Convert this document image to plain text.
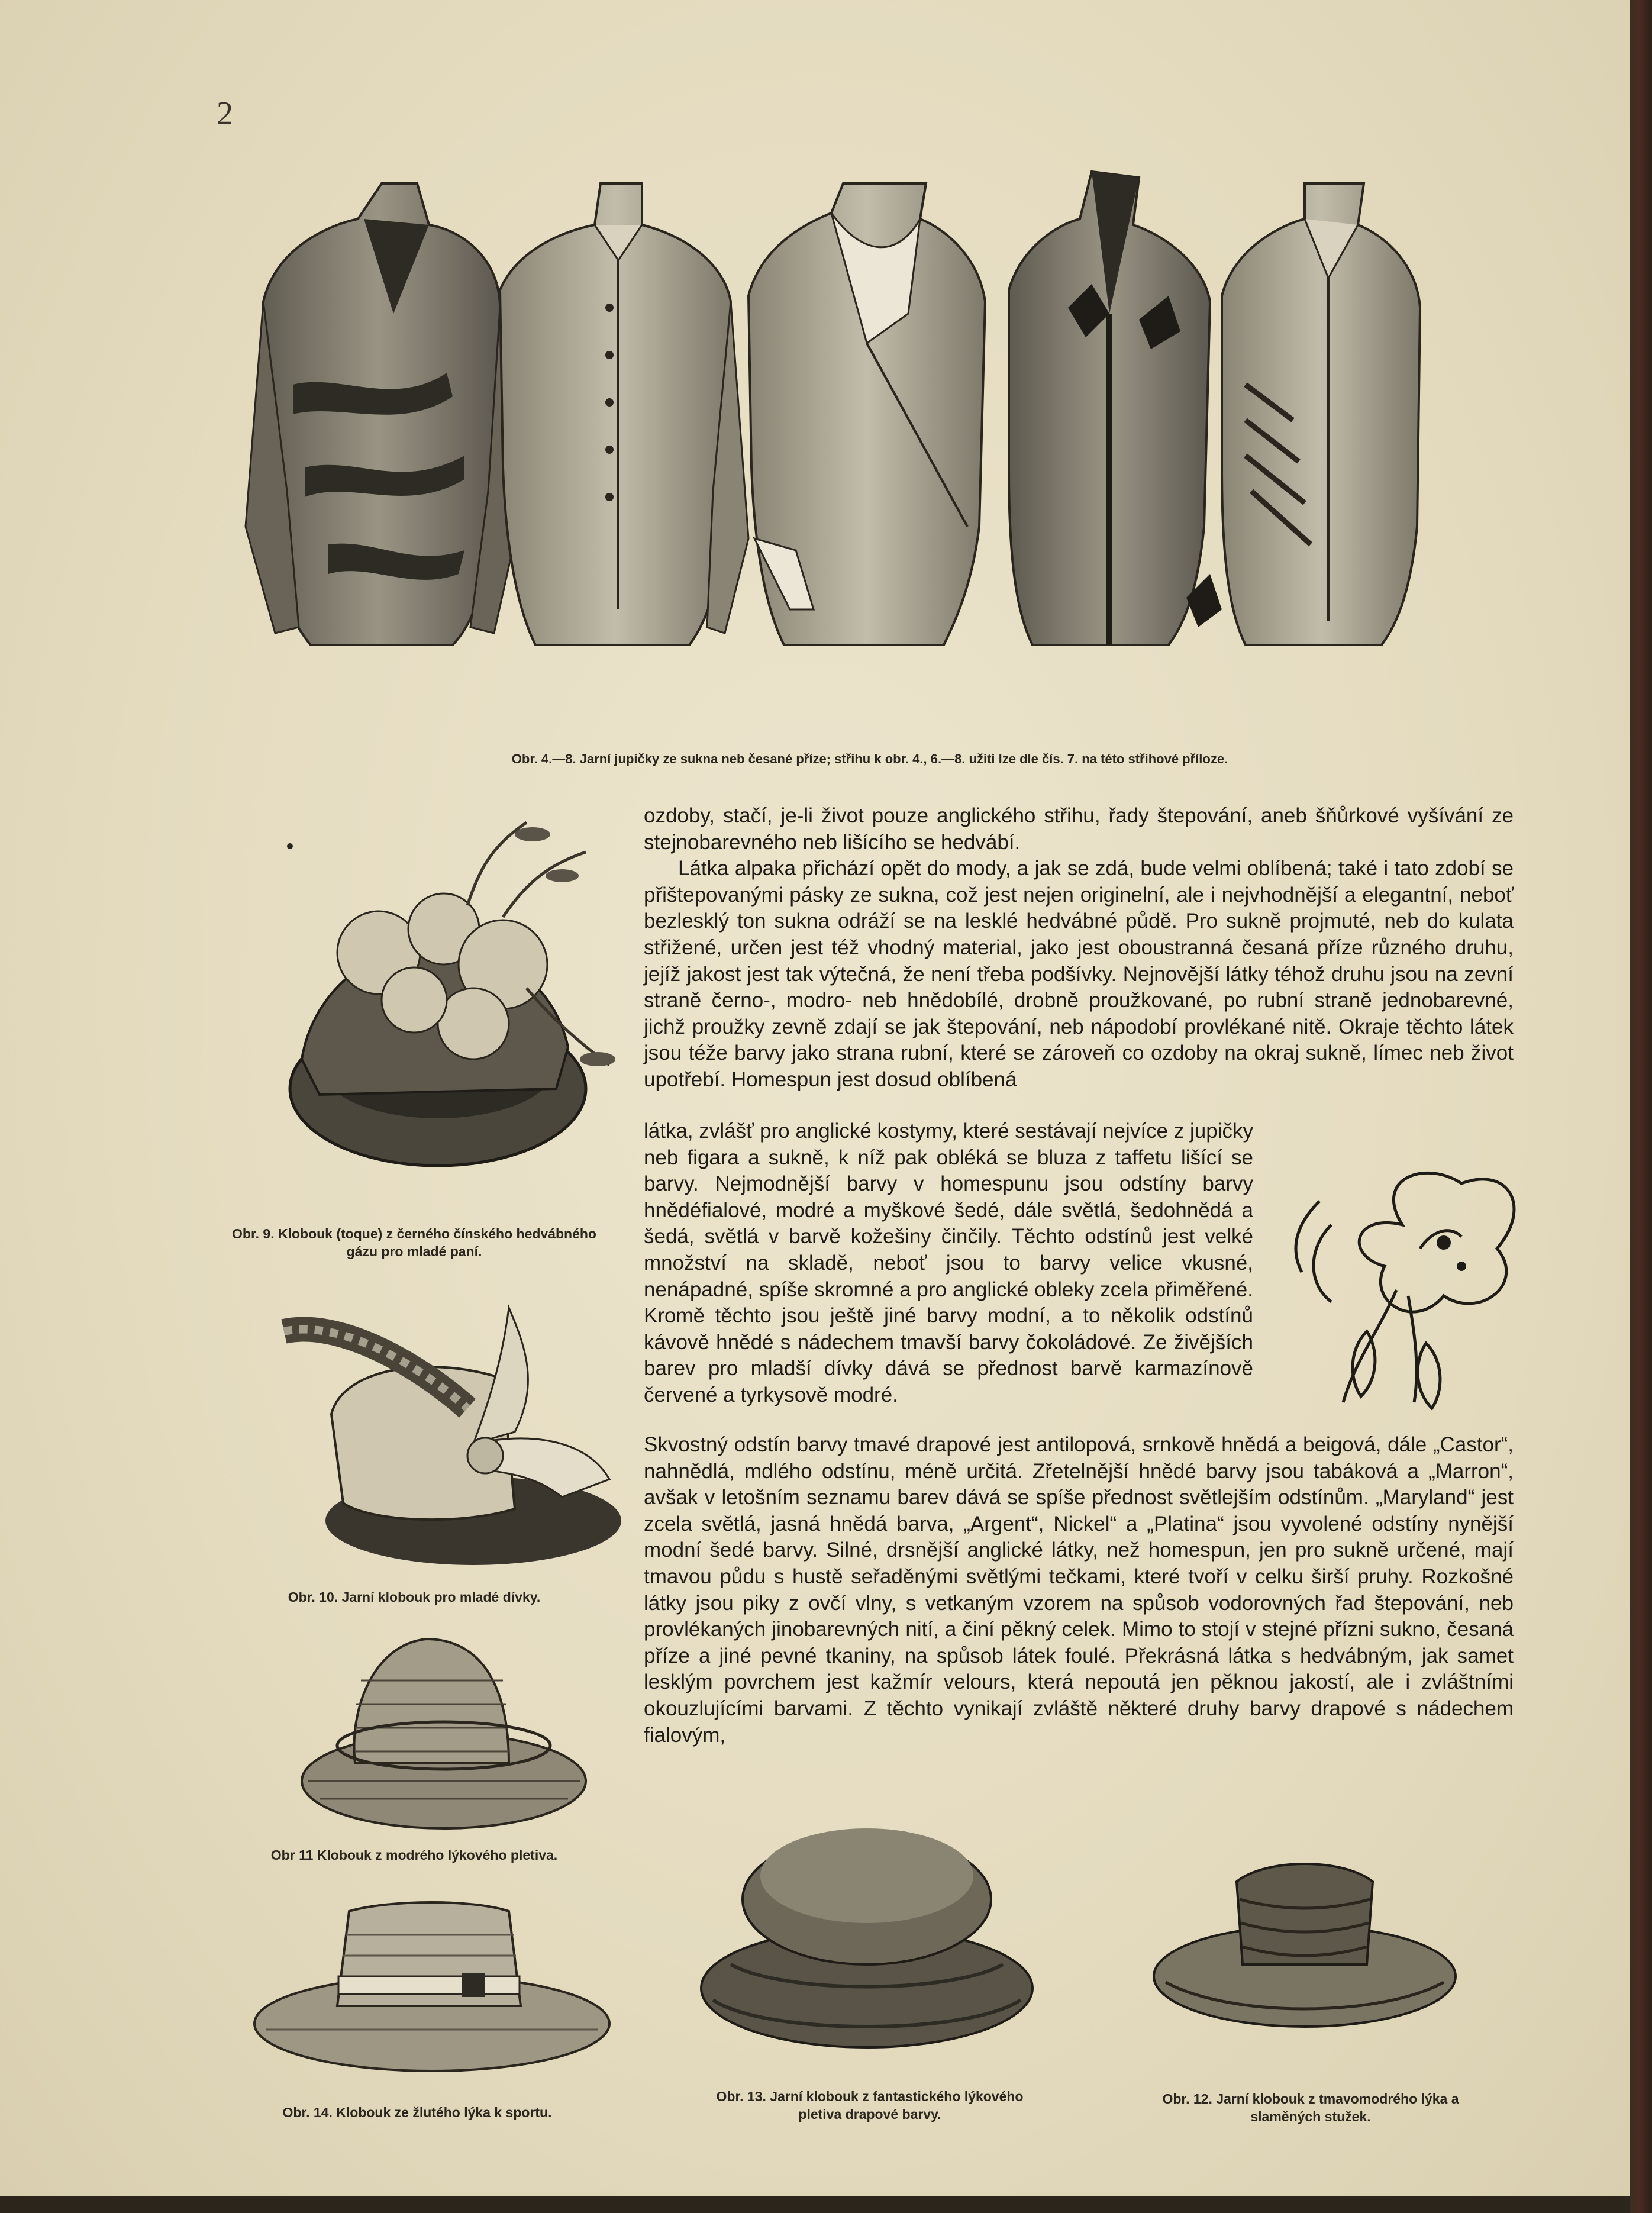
2
Obr. 4.—8. Jarní jupičky ze sukna neb česané příze; střihu k obr. 4., 6.—8. užiti lze dle čís. 7. na této střihové příloze.
Obr. 9. Klobouk (toque) z černého čínského hedvábného gázu pro mladé paní.
Obr. 10. Jarní klobouk pro mladé dívky.
Obr 11 Klobouk z modrého lýkového pletiva.
Obr. 14. Klobouk ze žlutého lýka k sportu.
Obr. 13. Jarní klobouk z fantastického lýkového pletiva drapové barvy.
Obr. 12. Jarní klobouk z tmavomodrého lýka a slaměných stužek.

ozdoby, stačí, je-li život pouze anglického střihu, řady štepování, aneb šňůrkové vyšívání ze stejnobarevného neb lišícího se hedvábí.

Látka alpaka přichází opět do mody, a jak se zdá, bude velmi oblíbená; také i tato zdobí se přištepovanými pásky ze sukna, což jest nejen originelní, ale i nejvhodnější a elegantní, neboť bezlesklý ton sukna odráží se na lesklé hedvábné půdě. Pro sukně projmuté, neb do kulata střižené, určen jest též vhodný material, jako jest oboustranná česaná příze různého druhu, jejíž jakost jest tak výtečná, že není třeba podšívky. Nejnovější látky téhož druhu jsou na zevní straně černo-, modro- neb hnědobílé, drobně proužkované, po rubní straně jednobarevné, jichž proužky zevně zdají se jak štepování, neb nápodobí provlékané nitě. Okraje těchto látek jsou téže barvy jako strana rubní, které se zároveň co ozdoby na okraj sukně, límec neb život upotřebí. Homespun jest dosud oblíbená

látka, zvlášť pro anglické kostymy, které sestávají nejvíce z jupičky neb figara a sukně, k níž pak obléká se bluza z taffetu lišící se barvy. Nejmodnější barvy v homespunu jsou odstíny barvy hnědéfialové, modré a myškové šedé, dále světlá, šedohnědá a šedá, světlá v barvě kožešiny činčily. Těchto odstínů jest velké množství na skladě, neboť jsou to barvy velice vkusné, nenápadné, spíše skromné a pro anglické obleky zcela přiměřené. Kromě těchto jsou ještě jiné barvy modní, a to několik odstínů kávově hnědé s nádechem tmavší barvy čokoládové. Ze živějších barev pro mladší dívky dává se přednost barvě karmazínově červené a tyrkysově modré.

Skvostný odstín barvy tmavé drapové jest antilopová, srnkově hnědá a beigová, dále „Castor“, nahnědlá, mdlého odstínu, méně určitá. Zřetelnější hnědé barvy jsou tabáková a „Marron“, avšak v letošním seznamu barev dává se spíše přednost světlejším odstínům. „Maryland“ jest zcela světlá, jasná hnědá barva, „Argent“, Nickel“ a „Platina“ jsou vyvolené odstíny nynější modní šedé barvy. Silné, drsnější anglické látky, než homespun, jen pro sukně určené, mají tmavou půdu s hustě seřaděnými světlými tečkami, které tvoří v celku širší pruhy. Rozkošné látky jsou piky z ovčí vlny, s vetkaným vzorem na spůsob vodorovných řad štepování, neb provlékaných jinobarevných nití, a činí pěkný celek. Mimo to stojí v stejné přízni sukno, česaná příze a jiné pevné tkaniny, na spůsob látek foulé. Překrásná látka s hedvábným, jak samet lesklým povrchem jest kažmír velours, která nepoutá jen pěknou jakostí, ale i zvláštními okouzlujícími barvami. Z těchto vynikají zvláště některé druhy barvy drapové s nádechem fialovým,
